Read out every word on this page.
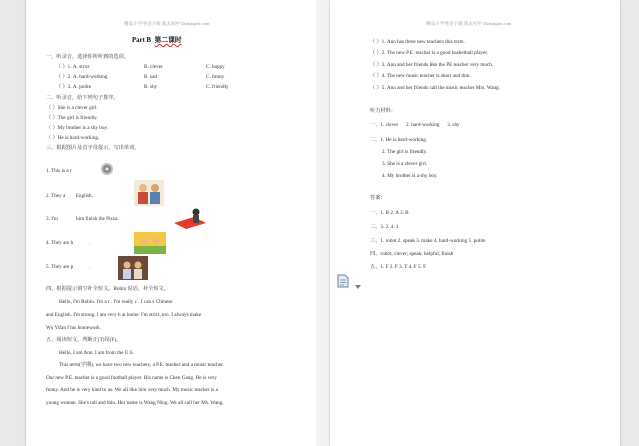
精品小学英语下载 就去初中 Dzhanglei.com
Part B 第二课时
一、听录音，选择你所听到的选项。
（ ）1. A. strict	B. clever	C. happy
（ ）2. A. hard-working	B. sad	C. funny
（ ）3. A. polite	B. shy	C. friendly
二、听录音，给下列句子排序。
（ ）She is a clever girl.
（ ）The girl is friendly.
（ ）My brother is a shy boy.
（ ）He is hard-working.
三、根据图片及首字母提示，写出单词。
1. This is a r
2. They a English.
3. I'm	him finish the Pizza.
4. They are h	.
5. They are p	.
四、根据提示填空补全短文。Robin 说话，补全短文。
Hello, I'm Robin. I'm a r . I'm really c . I can s Chinese
and English. I'm strong. I am very h at home. I'm strict, too. I always make
Wu Yifan f his homework.
五、阅读短文，判断正(T)误(F)。
Hello, I am Ann. I am from the U.S.
This term(学期), we have two new teachers, a P.E. teacher and a music teacher.
Our new P.E. teacher is a good football player. His name is Chen Gang. He is very
funny. And he is very kind to us. We all like him very much. My music teacher is a
young woman. She's tall and thin. Her name is Wang Ning. We all call her Ms. Wang.
精品小学英语下载 就去初中 Dzhanglei.com
（ ）1. Ann has three new teachers this term.
（ ）2. The new P.E. teacher is a good basketball player.
（ ）3. Ann and her friends like the PE teacher very much.
（ ）4. The new music teacher is short and thin.
（ ）5. Ann and her friends call the music teacher Mrs. Wang.
听力材料：
一、1. clever 2. hard-working 3. shy
二、1. He is hard-working.
2. The girl is friendly.
3. She is a clever girl.
4. My brother is a shy boy.
答案：
一、1. B 2. A 3. B
二、3. 2. 4. 1
三、1. robot 2. speak 3. make 4. hard-working 5. polite
四、robot; clever; speak; helpful; finish
五、1. F 2. F 3. T 4. F 5. F
